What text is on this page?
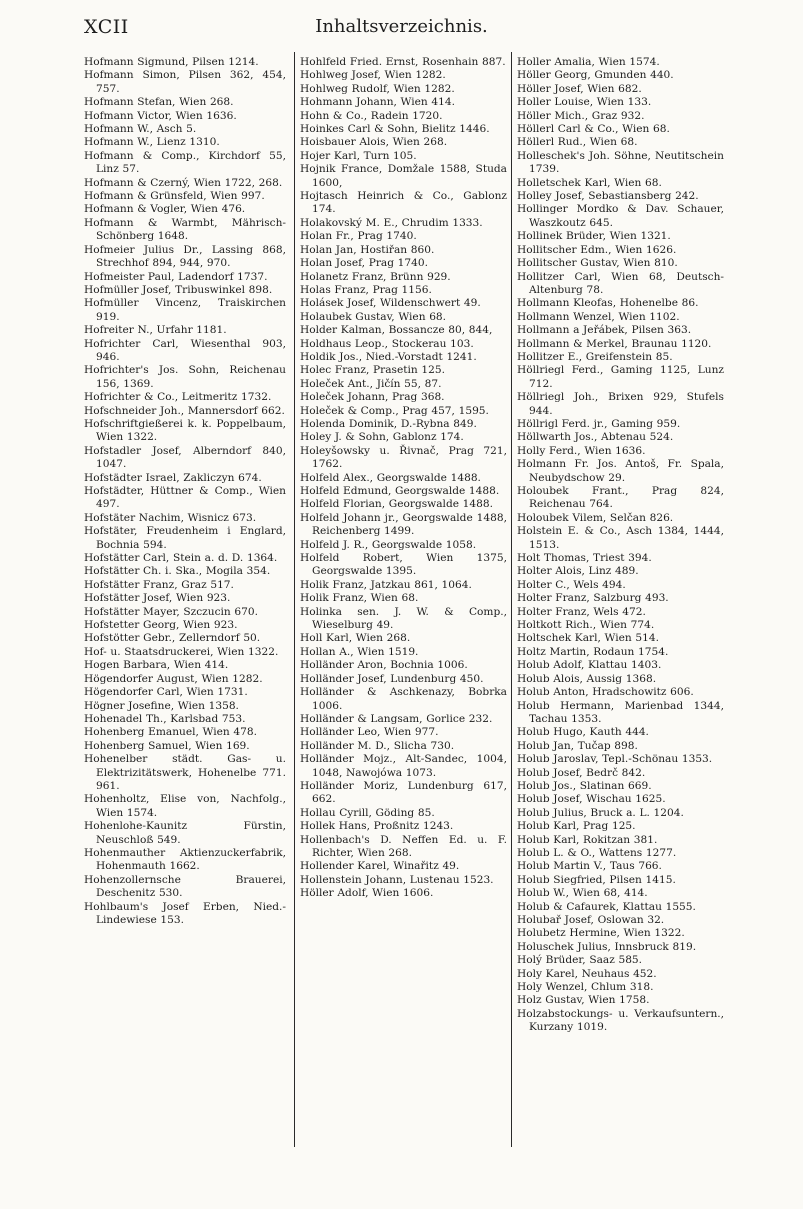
XCII	Inhaltsverzeichnis.

Hofmann Sigmund, Pilsen 1214.

Hofmann Simon, Pilsen 362, 454, 757.

Hofmann Stefan, Wien 268.

Hofmann Victor, Wien 1636.

Hofmann W., Asch 5.

Hofmann W., Lienz 1310.

Hofmann & Comp., Kirchdorf 55, Linz 57.

Hofmann & Czerný, Wien 1722, 268.

Hofmann & Grünsfeld, Wien 997.

Hofmann & Vogler, Wien 476.

Hofmann & Warmbt, Mährisch-Schönberg 1648.

Hofmeier Julius Dr., Lassing 868, Strechhof 894, 944, 970.

Hofmeister Paul, Ladendorf 1737.

Hofmüller Josef, Tribuswinkel 898.

Hofmüller Vincenz, Traiskirchen 919.

Hofreiter N., Urfahr 1181.

Hofrichter Carl, Wiesenthal 903, 946.

Hofrichter's Jos. Sohn, Reichenau 156, 1369.

Hofrichter & Co., Leitmeritz 1732.

Hofschneider Joh., Mannersdorf 662.

Hofschriftgießerei k. k. Poppelbaum, Wien 1322.

Hofstadler Josef, Alberndorf 840, 1047.

Hofstädter Israel, Zakliczyn 674.

Hofstädter, Hüttner & Comp., Wien 497.

Hofstäter Nachim, Wisnicz 673.

Hofstäter, Freudenheim i Englard, Bochnia 594.

Hofstätter Carl, Stein a. d. D. 1364.

Hofstätter Ch. i. Ska., Mogila 354.

Hofstätter Franz, Graz 517.

Hofstätter Josef, Wien 923.

Hofstätter Mayer, Szczucin 670.

Hofstetter Georg, Wien 923.

Hofstötter Gebr., Zellerndorf 50.

Hof- u. Staatsdruckerei, Wien 1322.

Hogen Barbara, Wien 414.

Högendorfer August, Wien 1282.

Högendorfer Carl, Wien 1731.

Högner Josefine, Wien 1358.

Hohenadel Th., Karlsbad 753.

Hohenberg Emanuel, Wien 478.

Hohenberg Samuel, Wien 169.

Hohenelber städt. Gas- u. Elektrizitätswerk, Hohenelbe 771. 961.

Hohenholtz, Elise von, Nachfolg., Wien 1574.

Hohenlohe-Kaunitz Fürstin, Neuschloß 549.

Hohenmauther Aktienzuckerfabrik, Hohenmauth 1662.

Hohenzollernsche Brauerei, Deschenitz 530.

Hohlbaum's Josef Erben, Nied.-Lindewiese 153.

Hohlfeld Fried. Ernst, Rosenhain 887.

Hohlweg Josef, Wien 1282.

Hohlweg Rudolf, Wien 1282.

Hohmann Johann, Wien 414.

Hohn & Co., Radein 1720.

Hoinkes Carl & Sohn, Bielitz 1446.

Hoisbauer Alois, Wien 268.

Hojer Karl, Turn 105.

Hojnik France, Domžale 1588, Studa 1600,

Hojtasch Heinrich & Co., Gablonz 174.

Holakovský M. E., Chrudim 1333.

Holan Fr., Prag 1740.

Holan Jan, Hostiřan 860.

Holan Josef, Prag 1740.

Holanetz Franz, Brünn 929.

Holas Franz, Prag 1156.

Holásek Josef, Wildenschwert 49.

Holaubek Gustav, Wien 68.

Holder Kalman, Bossancze 80, 844,

Holdhaus Leop., Stockerau 103.

Holdik Jos., Nied.-Vorstadt 1241.

Holec Franz, Prasetin 125.

Holeček Ant., Jičín 55, 87.

Holeček Johann, Prag 368.

Holeček & Comp., Prag 457, 1595.

Holenda Dominik, D.-Rybna 849.

Holey J. & Sohn, Gablonz 174.

Holeyšowsky u. Řivnač, Prag 721, 1762.

Holfeld Alex., Georgswalde 1488.

Holfeld Edmund, Georgswalde 1488.

Holfeld Florian, Georgswalde 1488.

Holfeld Johann jr., Georgswalde 1488, Reichenberg 1499.

Holfeld J. R., Georgswalde 1058.

Holfeld Robert, Wien 1375, Georgswalde 1395.

Holik Franz, Jatzkau 861, 1064.

Holik Franz, Wien 68.

Holinka sen. J. W. & Comp., Wieselburg 49.

Holl Karl, Wien 268.

Hollan A., Wien 1519.

Holländer Aron, Bochnia 1006.

Holländer Josef, Lundenburg 450.

Holländer & Aschkenazy, Bobrka 1006.

Holländer & Langsam, Gorlice 232.

Holländer Leo, Wien 977.

Holländer M. D., Slicha 730.

Holländer Mojz., Alt-Sandec, 1004, 1048, Nawojówa 1073.

Holländer Moriz, Lundenburg 617, 662.

Hollau Cyrill, Göding 85.

Hollek Hans, Proßnitz 1243.

Hollenbach's D. Neffen Ed. u. F. Richter, Wien 268.

Hollender Karel, Winařitz 49.

Hollenstein Johann, Lustenau 1523.

Höller Adolf, Wien 1606.

Holler Amalia, Wien 1574.

Höller Georg, Gmunden 440.

Höller Josef, Wien 682.

Holler Louise, Wien 133.

Höller Mich., Graz 932.

Höllerl Carl & Co., Wien 68.

Höllerl Rud., Wien 68.

Holleschek's Joh. Söhne, Neutitschein 1739.

Holletschek Karl, Wien 68.

Holley Josef, Sebastiansberg 242.

Hollinger Mordko & Dav. Schauer, Waszkoutz 645.

Hollinek Brüder, Wien 1321.

Hollitscher Edm., Wien 1626.

Hollitscher Gustav, Wien 810.

Hollitzer Carl, Wien 68, Deutsch-Altenburg 78.

Hollmann Kleofas, Hohenelbe 86.

Hollmann Wenzel, Wien 1102.

Hollmann a Jeřábek, Pilsen 363.

Hollmann & Merkel, Braunau 1120.

Hollitzer E., Greifenstein 85.

Höllriegl Ferd., Gaming 1125, Lunz 712.

Höllriegl Joh., Brixen 929, Stufels 944.

Höllrigl Ferd. jr., Gaming 959.

Höllwarth Jos., Abtenau 524.

Holly Ferd., Wien 1636.

Holmann Fr. Jos. Antoš, Fr. Spala, Neubydschow 29.

Holoubek Frant., Prag 824, Reichenau 764.

Holoubek Vilem, Selčan 826.

Holstein E. & Co., Asch 1384, 1444, 1513.

Holt Thomas, Triest 394.

Holter Alois, Linz 489.

Holter C., Wels 494.

Holter Franz, Salzburg 493.

Holter Franz, Wels 472.

Holtkott Rich., Wien 774.

Holtschek Karl, Wien 514.

Holtz Martin, Rodaun 1754.

Holub Adolf, Klattau 1403.

Holub Alois, Aussig 1368.

Holub Anton, Hradschowitz 606.

Holub Hermann, Marienbad 1344, Tachau 1353.

Holub Hugo, Kauth 444.

Holub Jan, Tučap 898.

Holub Jaroslav, Tepl.-Schönau 1353.

Holub Josef, Bedrč 842.

Holub Jos., Slatinan 669.

Holub Josef, Wischau 1625.

Holub Julius, Bruck a. L. 1204.

Holub Karl, Prag 125.

Holub Karl, Rokitzan 381.

Holub L. & O., Wattens 1277.

Holub Martin V., Taus 766.

Holub Siegfried, Pilsen 1415.

Holub W., Wien 68, 414.

Holub & Cafaurek, Klattau 1555.

Holubař Josef, Oslowan 32.

Holubetz Hermine, Wien 1322.

Holuschek Julius, Innsbruck 819.

Holý Brüder, Saaz 585.

Holy Karel, Neuhaus 452.

Holy Wenzel, Chlum 318.

Holz Gustav, Wien 1758.

Holzabstockungs- u. Verkaufsuntern., Kurzany 1019.
